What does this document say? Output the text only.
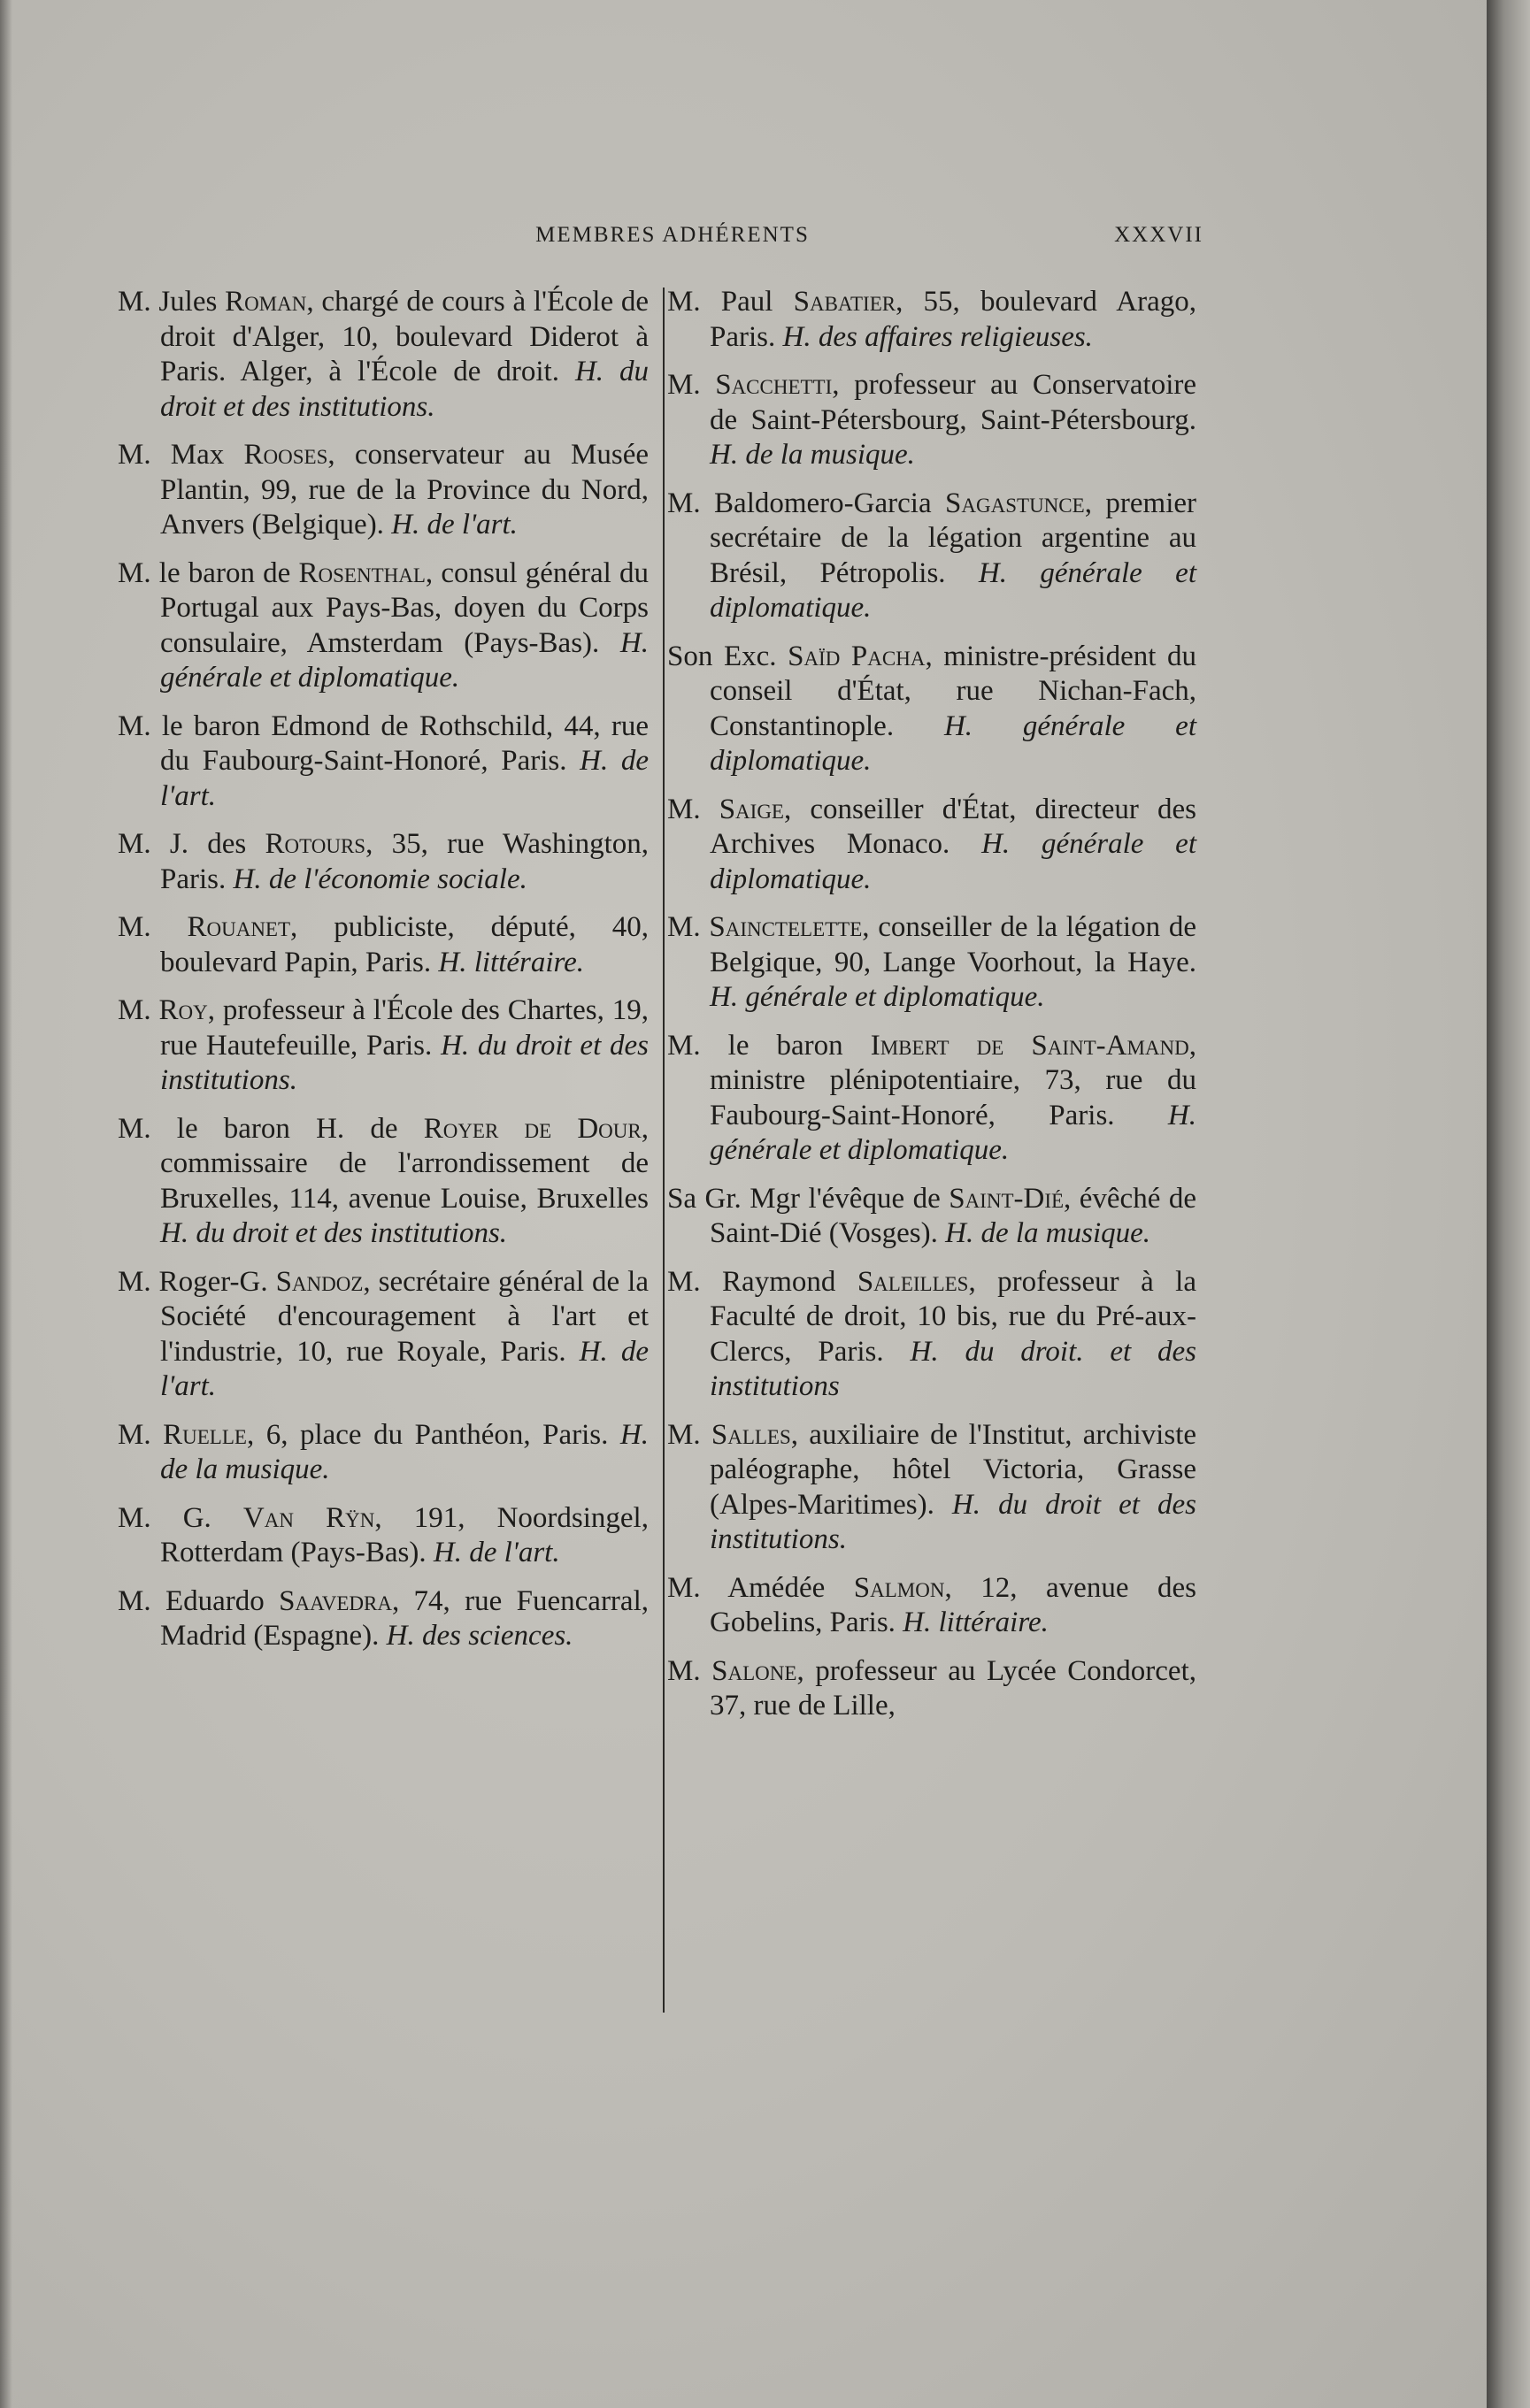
MEMBRES ADHÉRENTS	XXXVII

M. Jules Roman, chargé de cours à l'École de droit d'Alger, 10, boulevard Diderot à Paris. Alger, à l'École de droit. H. du droit et des institutions.

M. Max Rooses, conservateur au Musée Plantin, 99, rue de la Province du Nord, Anvers (Belgique). H. de l'art.

M. le baron de Rosenthal, consul général du Portugal aux Pays-Bas, doyen du Corps consulaire, Amsterdam (Pays-Bas). H. générale et diplomatique.

M. le baron Edmond de Rothschild, 44, rue du Faubourg-Saint-Honoré, Paris. H. de l'art.

M. J. des Rotours, 35, rue Washington, Paris. H. de l'économie sociale.

M. Rouanet, publiciste, député, 40, boulevard Papin, Paris. H. littéraire.

M. Roy, professeur à l'École des Chartes, 19, rue Hautefeuille, Paris. H. du droit et des institutions.

M. le baron H. de Royer de Dour, commissaire de l'arrondissement de Bruxelles, 114, avenue Louise, Bruxelles H. du droit et des institutions.

M. Roger-G. Sandoz, secrétaire général de la Société d'encouragement à l'art et l'industrie, 10, rue Royale, Paris. H. de l'art.

M. Ruelle, 6, place du Panthéon, Paris. H. de la musique.

M. G. Van Rÿn, 191, Noordsingel, Rotterdam (Pays-Bas). H. de l'art.

M. Eduardo Saavedra, 74, rue Fuencarral, Madrid (Espagne). H. des sciences.

M. Paul Sabatier, 55, boulevard Arago, Paris. H. des affaires religieuses.

M. Sacchetti, professeur au Conservatoire de Saint-Pétersbourg, Saint-Pétersbourg. H. de la musique.

M. Baldomero-Garcia Sagastunce, premier secrétaire de la légation argentine au Brésil, Pétropolis. H. générale et diplomatique.

Son Exc. Saïd Pacha, ministre-président du conseil d'État, rue Nichan-Fach, Constantinople. H. générale et diplomatique.

M. Saige, conseiller d'État, directeur des Archives Monaco. H. générale et diplomatique.

M. Sainctelette, conseiller de la légation de Belgique, 90, Lange Voorhout, la Haye. H. générale et diplomatique.

M. le baron Imbert de Saint-Amand, ministre plénipotentiaire, 73, rue du Faubourg-Saint-Honoré, Paris. H. générale et diplomatique.

Sa Gr. Mgr l'évêque de Saint-Dié, évêché de Saint-Dié (Vosges). H. de la musique.

M. Raymond Saleilles, professeur à la Faculté de droit, 10 bis, rue du Pré-aux-Clercs, Paris. H. du droit. et des institutions

M. Salles, auxiliaire de l'Institut, archiviste paléographe, hôtel Victoria, Grasse (Alpes-Maritimes). H. du droit et des institutions.

M. Amédée Salmon, 12, avenue des Gobelins, Paris. H. littéraire.

M. Salone, professeur au Lycée Condorcet, 37, rue de Lille,
